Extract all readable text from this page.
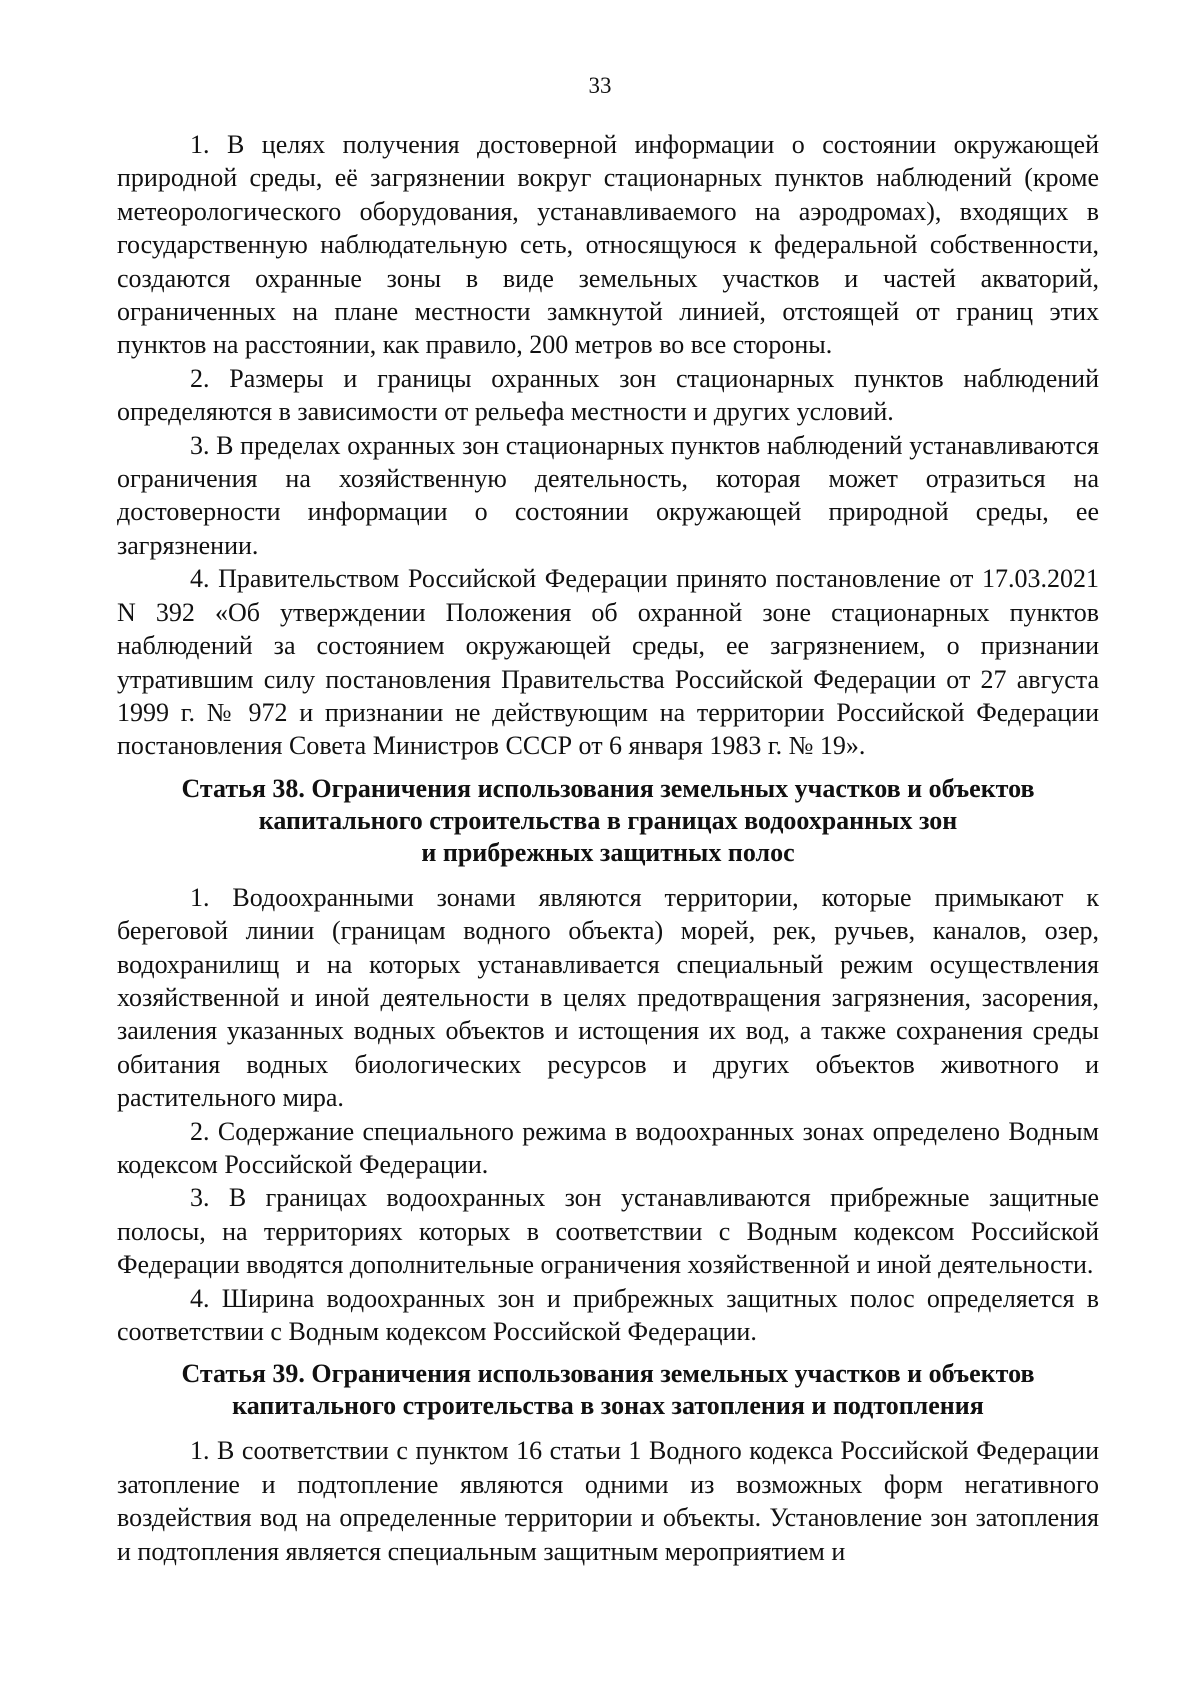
33

1. В целях получения достоверной информации о состоянии окружающей природной среды, её загрязнении вокруг стационарных пунктов наблюдений (кроме метеорологического оборудования, устанавливаемого на аэродромах), входящих в государственную наблюдательную сеть, относящуюся к федеральной собственности, создаются охранные зоны в виде земельных участков и частей акваторий, ограниченных на плане местности замкнутой линией, отстоящей от границ этих пунктов на расстоянии, как правило, 200 метров во все стороны.

2. Размеры и границы охранных зон стационарных пунктов наблюдений определяются в зависимости от рельефа местности и других условий.

3. В пределах охранных зон стационарных пунктов наблюдений устанавливаются ограничения на хозяйственную деятельность, которая может отразиться на достоверности информации о состоянии окружающей природной среды, ее загрязнении.

4. Правительством Российской Федерации принято постановление от 17.03.2021 N 392 «Об утверждении Положения об охранной зоне стационарных пунктов наблюдений за состоянием окружающей среды, ее загрязнением, о признании утратившим силу постановления Правительства Российской Федерации от 27 августа 1999 г. № 972 и признании не действующим на территории Российской Федерации постановления Совета Министров СССР от 6 января 1983 г. № 19».

Статья 38. Ограничения использования земельных участков и объектов
капитального строительства в границах водоохранных зон
и прибрежных защитных полос

1. Водоохранными зонами являются территории, которые примыкают к береговой линии (границам водного объекта) морей, рек, ручьев, каналов, озер, водохранилищ и на которых устанавливается специальный режим осуществления хозяйственной и иной деятельности в целях предотвращения загрязнения, засорения, заиления указанных водных объектов и истощения их вод, а также сохранения среды обитания водных биологических ресурсов и других объектов животного и растительного мира.

2. Содержание специального режима в водоохранных зонах определено Водным кодексом Российской Федерации.

3. В границах водоохранных зон устанавливаются прибрежные защитные полосы, на территориях которых в соответствии с Водным кодексом Российской Федерации вводятся дополнительные ограничения хозяйственной и иной деятельности.

4. Ширина водоохранных зон и прибрежных защитных полос определяется в соответствии с Водным кодексом Российской Федерации.

Статья 39. Ограничения использования земельных участков и объектов
капитального строительства в зонах затопления и подтопления

1. В соответствии с пунктом 16 статьи 1 Водного кодекса Российской Федерации затопление и подтопление являются одними из возможных форм негативного воздействия вод на определенные территории и объекты. Установление зон затопления и подтопления является специальным защитным мероприятием и
